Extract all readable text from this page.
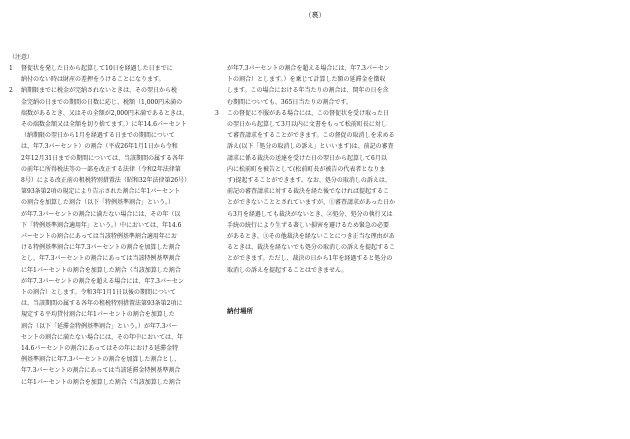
（裏）
（注意）
1	督促状を発した日から起算して10日を経過した日までに
納付のない時は財産の差押をうけることになります。
2	納期限までに税金が完納されないときは、その翌日から税
金完納の日までの期間の日数に応じ、税額（1,000円未満の
端数があるとき、又はその全額が2,000円未満であるときは、
その端数金額又は全額を切り捨てます。）に年14.6パーセント
（納期限の翌日から1月を経過する日までの期間について
は、年7.3パーセント）の割合（平成26年1月1日から令和
2年12月31日までの期間については、当該期間の属する各年
の前年に所得税法等の一部を改正する法律（令和2年法律第
8号）による改正前の租税特別措置法（昭和32年法律第26号）
第93条第2項の規定により告示された割合に年1パーセント
の割合を加算した割合（以下「特例基準割合」という。）
が年7.3パーセントの割合に満たない場合には、その年（以
下「特例基準割合適用年」という。）中においては、年14.6
パーセントの割合にあっては当該特例基準割合適用年にお
ける特例基準割合に年7.3パーセントの割合を加算した割合
とし、年7.3パーセントの割合にあっては当該特例基準割合
に年1パーセントの割合を加算した割合（当該加算した割合
が年7.3パーセントの割合を超える場合には、年7.3パーセン
トの割合）とします。令和3年1月1日以後の期間について
は、当該期間の属する各年の租税特別措置法第93条第2項に
規定する平均貸付割合に年1パーセントの割合を加算した
割合（以下「延滞金特例基準割合」という。）が年7.3パー
セントの割合に満たない場合には、その年中においては、年
14.6パーセントの割合にあってはその年における延滞金特
例基準割合に年7.3パーセントの割合を加算した割合とし、
年7.3パーセントの割合にあっては当該延滞金特例基準割合
に年1パーセントの割合を加算した割合（当該加算した割合
が年7.3パーセントの割合を超える場合には、年7.3パーセン
トの割合）とします。）を乗じて計算した額の延滞金を徴収
します。この場合における年当たりの割合は、閏年の日を含
む期間についても、365日当たりの割合です。
3	この督促に不服がある場合には、この督促状を受け取った日
の翌日から起算して3月以内に文書をもって松前町長に対し
て審査請求をすることができます。この督促の取消しを求める
訴え(以下「処分の取消しの訴え」といいます)は、前記の審査
請求に係る裁決の送達を受けた日の翌日から起算して6月以
内に松前町を被告として(松前町長が被告の代表者となりま
す)提起することができます。なお、処分の取消しの訴えは、
前記の審査請求に対する裁決を経た後でなければ提起するこ
とができないこととされていますが、①審査請求があった日か
ら3月を経過しても裁決がないとき、②処分、処分の執行又は
手続の続行により生ずる著しい損害を避けるため緊急の必要
があるとき、③その他裁決を経ないことにつき正当な理由があ
るときは、裁決を経ないでも処分の取消しの訴えを提起するこ
とができます。ただし、裁決の日から1年を経過すると処分の
取消しの訴えを提起することはできません。
納付場所
